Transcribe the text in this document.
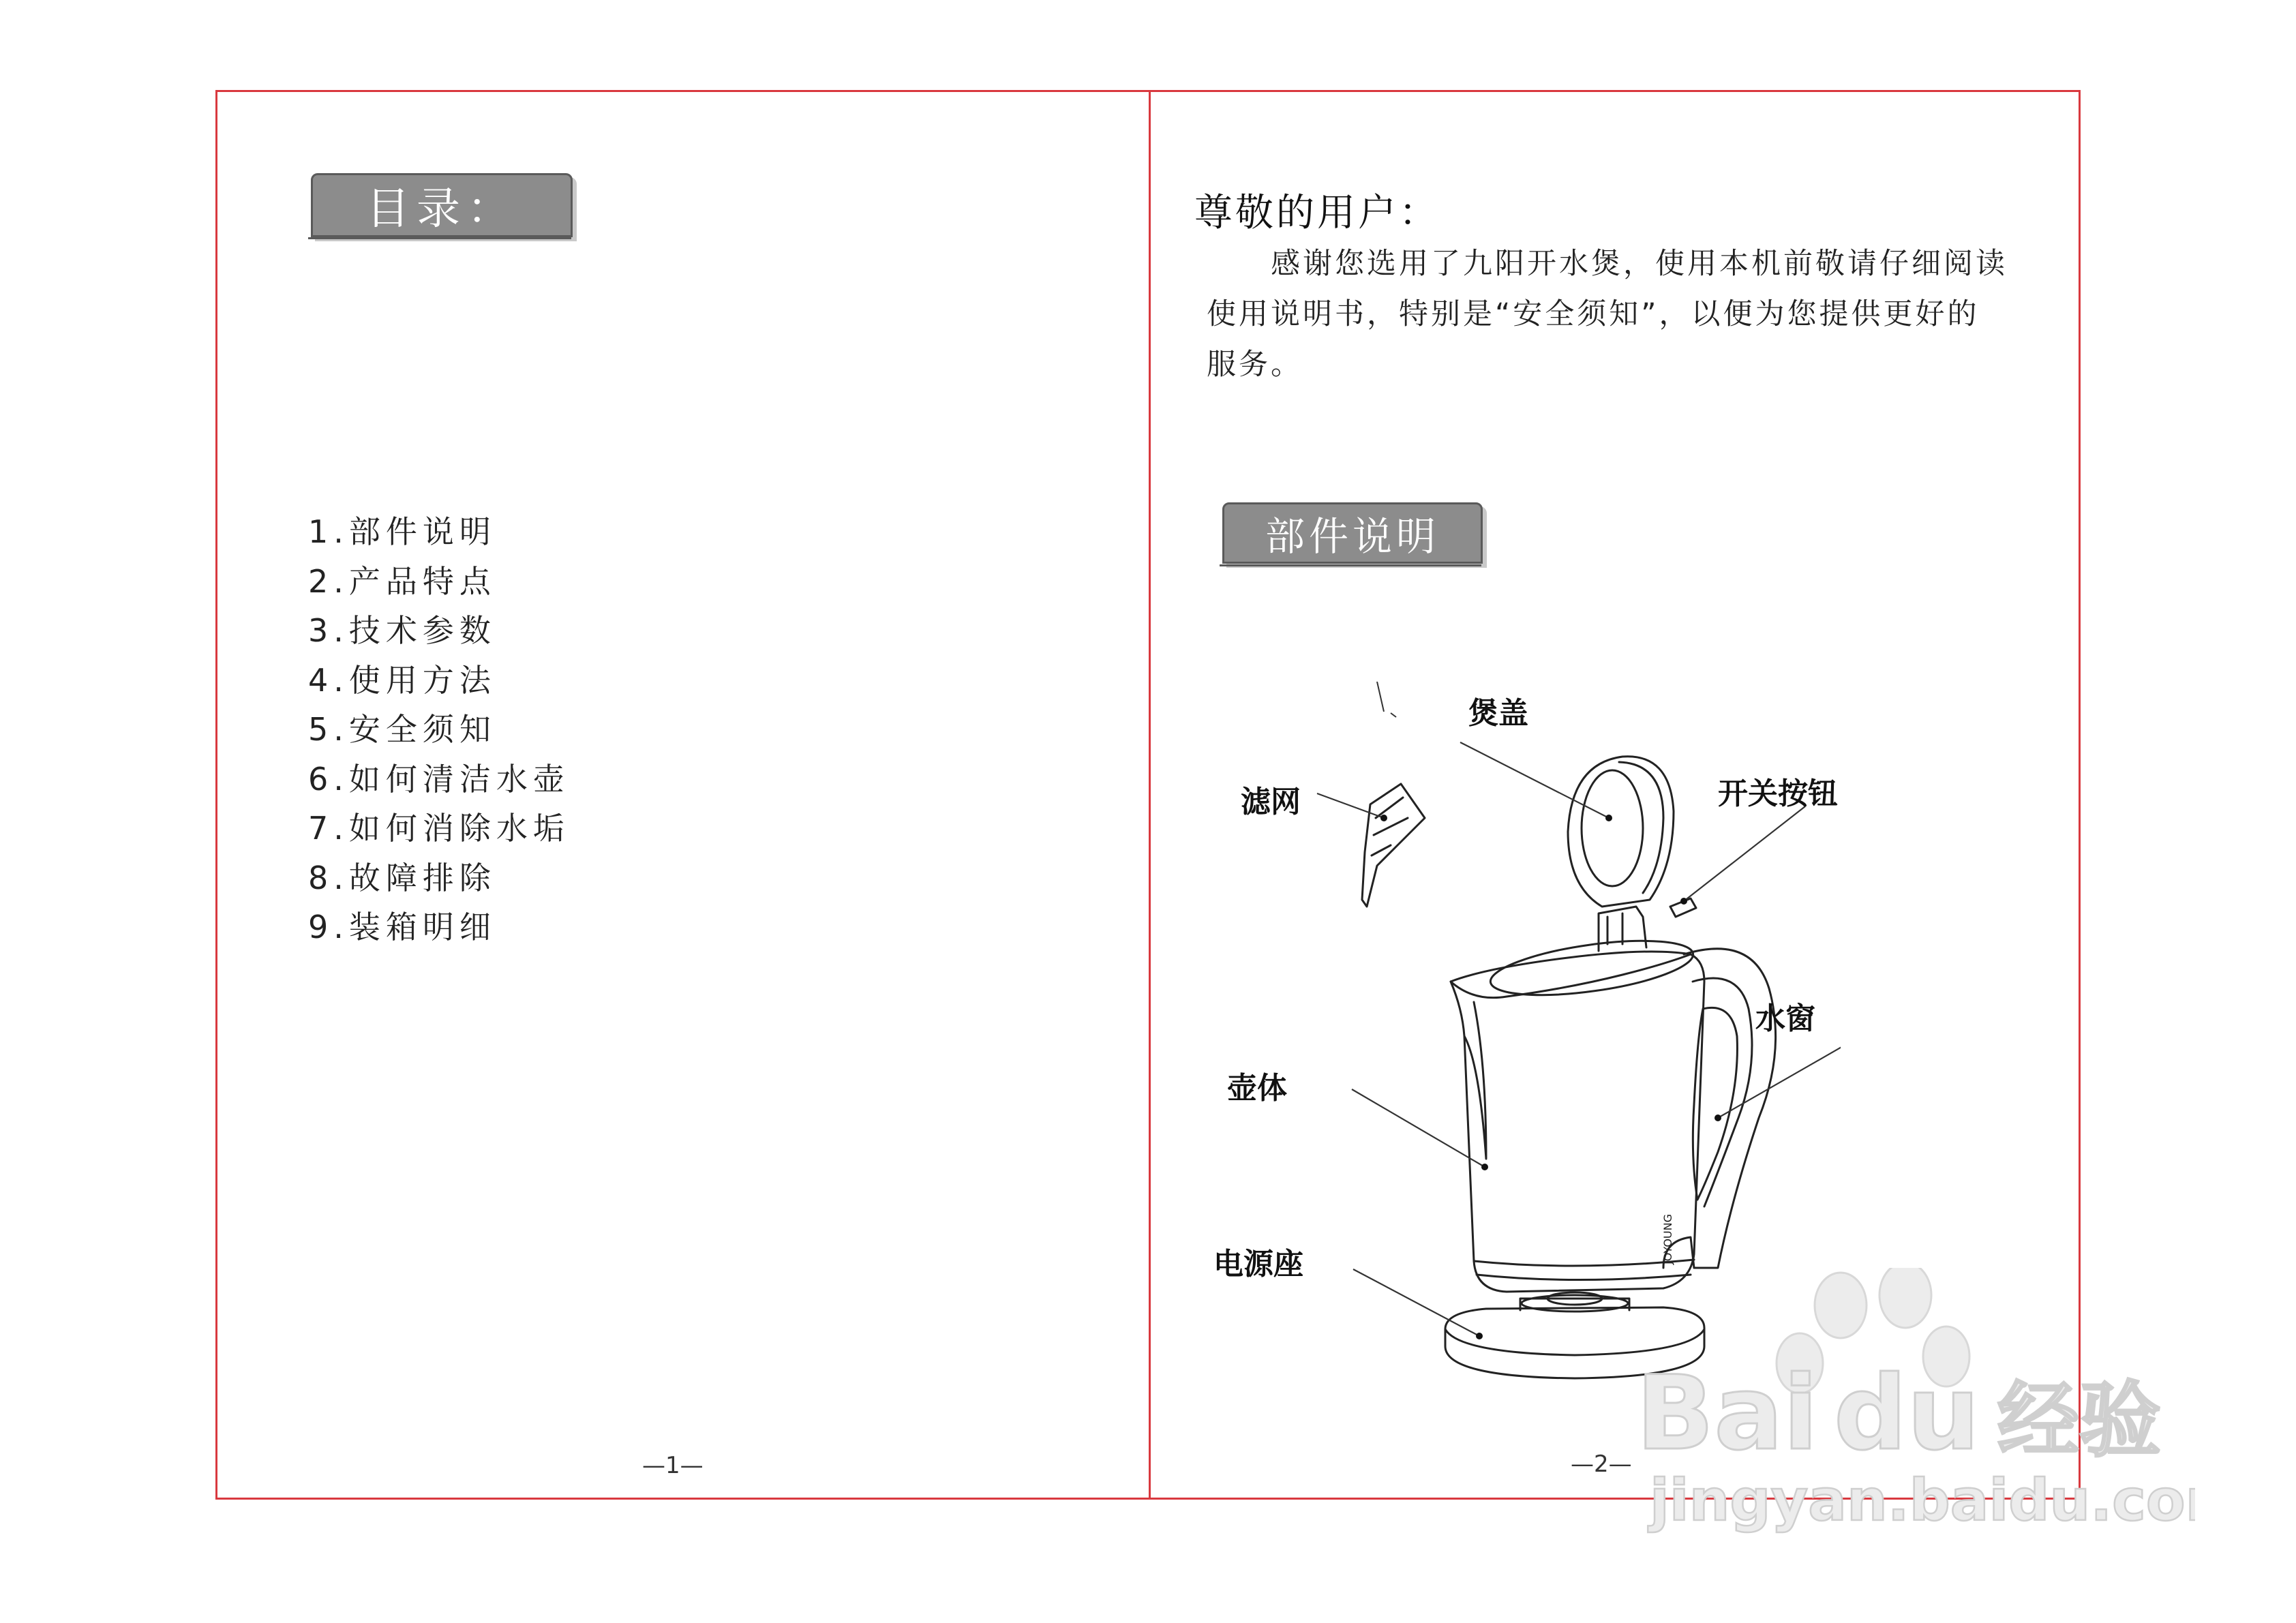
目录：
1.部件说明
2.产品特点
3.技术参数
4.使用方法
5.安全须知
6.如何清洁水壶
7.如何消除水垢
8.故障排除
9.装箱明细
—1—
尊敬的用户：

　　感谢您选用了九阳开水煲，使用本机前敬请仔细阅读

使用说明书，特别是“安全须知”，以便为您提供更好的

服务。

部件说明
JOYOUNG
煲盖
滤网	开关按钮
水窗
壶体
电源座
—2— Bai du 经验
jingyan.baidu.com
